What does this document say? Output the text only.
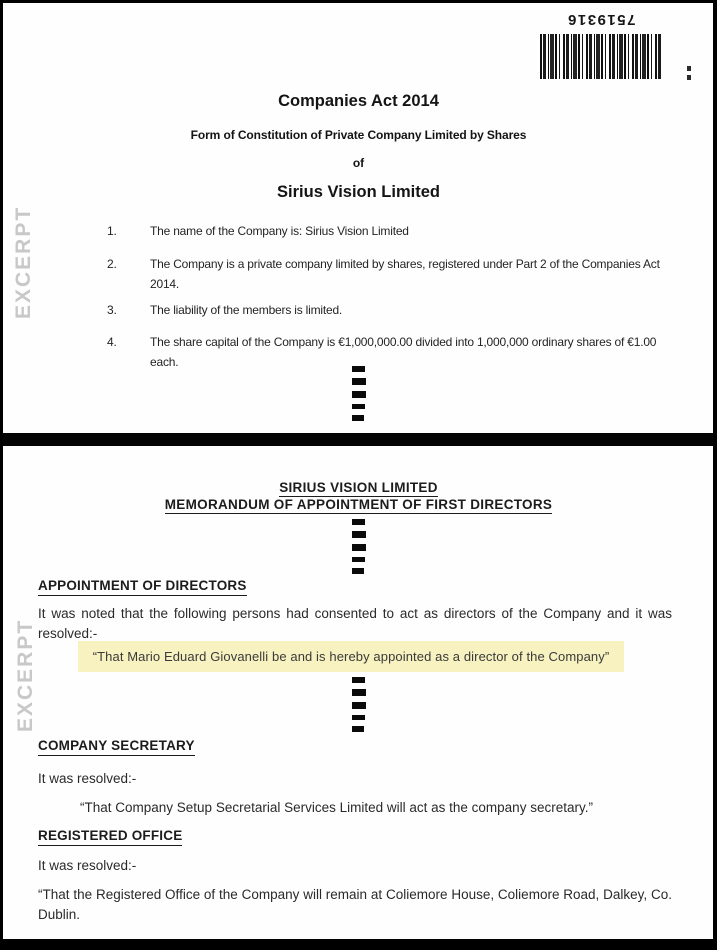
EXCERPT
7519316
Companies Act 2014
Form of Constitution of Private Company Limited by Shares
of
Sirius Vision Limited
1.	The name of the Company is: Sirius Vision Limited
2.	The Company is a private company limited by shares, registered under Part 2 of the Companies Act 2014.
3.	The liability of the members is limited.
4.	The share capital of the Company is €1,000,000.00 divided into 1,000,000 ordinary shares of €1.00 each.
EXCERPT
SIRIUS VISION LIMITED
MEMORANDUM OF APPOINTMENT OF FIRST DIRECTORS
APPOINTMENT OF DIRECTORS
It was noted that the following persons had consented to act as directors of the Company and it was resolved:-
“That Mario Eduard Giovanelli be and is hereby appointed as a director of the Company”
COMPANY SECRETARY
It was resolved:-
“That Company Setup Secretarial Services Limited will act as the company secretary.”
REGISTERED OFFICE
It was resolved:-
“That the Registered Office of the Company will remain at Coliemore House, Coliemore Road, Dalkey, Co. Dublin.
